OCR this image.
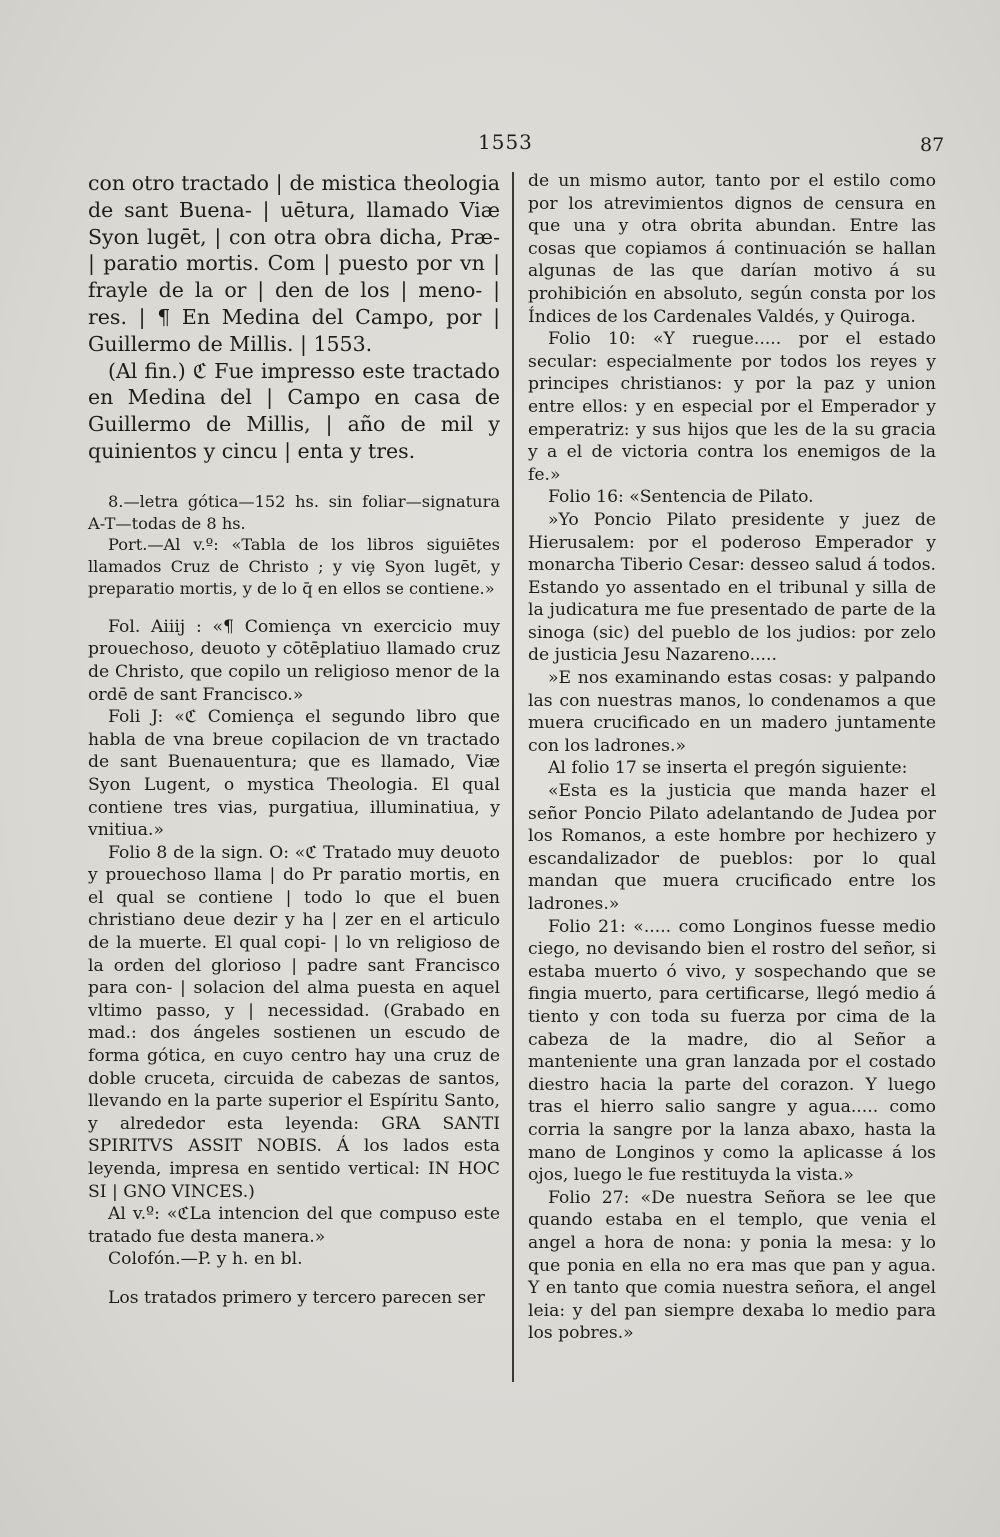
1553	87

con otro tractado | de mistica theologia de sant Buena- | uētura, llamado Viæ Syon lugēt, | con otra obra dicha, Præ- | paratio mortis. Com | puesto por vn | frayle de la or | den de los | meno- | res. | ¶ En Medina del Campo, por | Guillermo de Millis. | 1553.

(Al fin.) ℭ Fue impresso este tractado en Medina del | Campo en casa de Guillermo de Millis, | año de mil y quinientos y cincu | enta y tres.

8.—letra gótica—152 hs. sin foliar—signatura A-T—todas de 8 hs.

Port.—Al v.º: «Tabla de los libros siguiētes llamados Cruz de Christo ; y viȩ Syon lugēt, y preparatio mortis, y de lo q̄ en ellos se contiene.»

Fol. Aiiij : «¶ Comiença vn exercicio muy prouechoso, deuoto y cōtēplatiuo llamado cruz de Christo, que copilo un religioso menor de la ordē de sant Francisco.»

Foli J: «ℭ Comiença el segundo libro que habla de vna breue copilacion de vn tractado de sant Buenauentura; que es llamado, Viæ Syon Lugent, o mystica Theologia. El qual contiene tres vias, purgatiua, illuminatiua, y vnitiua.»

Folio 8 de la sign. O: «ℭ Tratado muy deuoto y prouechoso llama | do Pr paratio mortis, en el qual se contiene | todo lo que el buen christiano deue dezir y ha | zer en el articulo de la muerte. El qual copi- | lo vn religioso de la orden del glorioso | padre sant Francisco para con- | solacion del alma puesta en aquel vltimo passo, y | necessidad. (Grabado en mad.: dos ángeles sostienen un escudo de forma gótica, en cuyo centro hay una cruz de doble cruceta, circuida de cabezas de santos, llevando en la parte superior el Espíritu Santo, y alrededor esta leyenda: GRA SANTI SPIRITVS ASSIT NOBIS. Á los lados esta leyenda, impresa en sentido vertical: IN HOC SI | GNO VINCES.)

Al v.º: «ℭLa intencion del que compuso este tratado fue desta manera.»

Colofón.—P. y h. en bl.

Los tratados primero y tercero parecen ser

de un mismo autor, tanto por el estilo como por los atrevimientos dignos de censura en que una y otra obrita abundan. Entre las cosas que copiamos á continuación se hallan algunas de las que darían motivo á su prohibición en absoluto, según consta por los Índices de los Cardenales Valdés, y Quiroga.

Folio 10: «Y ruegue..... por el estado secular: especialmente por todos los reyes y principes christianos: y por la paz y union entre ellos: y en especial por el Emperador y emperatriz: y sus hijos que les de la su gracia y a el de victoria contra los enemigos de la fe.»

Folio 16: «Sentencia de Pilato.

»Yo Poncio Pilato presidente y juez de Hierusalem: por el poderoso Emperador y monarcha Tiberio Cesar: desseo salud á todos. Estando yo assentado en el tribunal y silla de la judicatura me fue presentado de parte de la sinoga (sic) del pueblo de los judios: por zelo de justicia Jesu Nazareno.....

»E nos examinando estas cosas: y palpando las con nuestras manos, lo condenamos a que muera crucificado en un madero juntamente con los ladrones.»

Al folio 17 se inserta el pregón siguiente:

«Esta es la justicia que manda hazer el señor Poncio Pilato adelantando de Judea por los Romanos, a este hombre por hechizero y escandalizador de pueblos: por lo qual mandan que muera crucificado entre los ladrones.»

Folio 21: «..... como Longinos fuesse medio ciego, no devisando bien el rostro del señor, si estaba muerto ó vivo, y sospechando que se fingia muerto, para certificarse, llegó medio á tiento y con toda su fuerza por cima de la cabeza de la madre, dio al Señor a manteniente una gran lanzada por el costado diestro hacia la parte del corazon. Y luego tras el hierro salio sangre y agua..... como corria la sangre por la lanza abaxo, hasta la mano de Longinos y como la aplicasse á los ojos, luego le fue restituyda la vista.»

Folio 27: «De nuestra Señora se lee que quando estaba en el templo, que venia el angel a hora de nona: y ponia la mesa: y lo que ponia en ella no era mas que pan y agua. Y en tanto que comia nuestra señora, el angel leia: y del pan siempre dexaba lo medio para los pobres.»
